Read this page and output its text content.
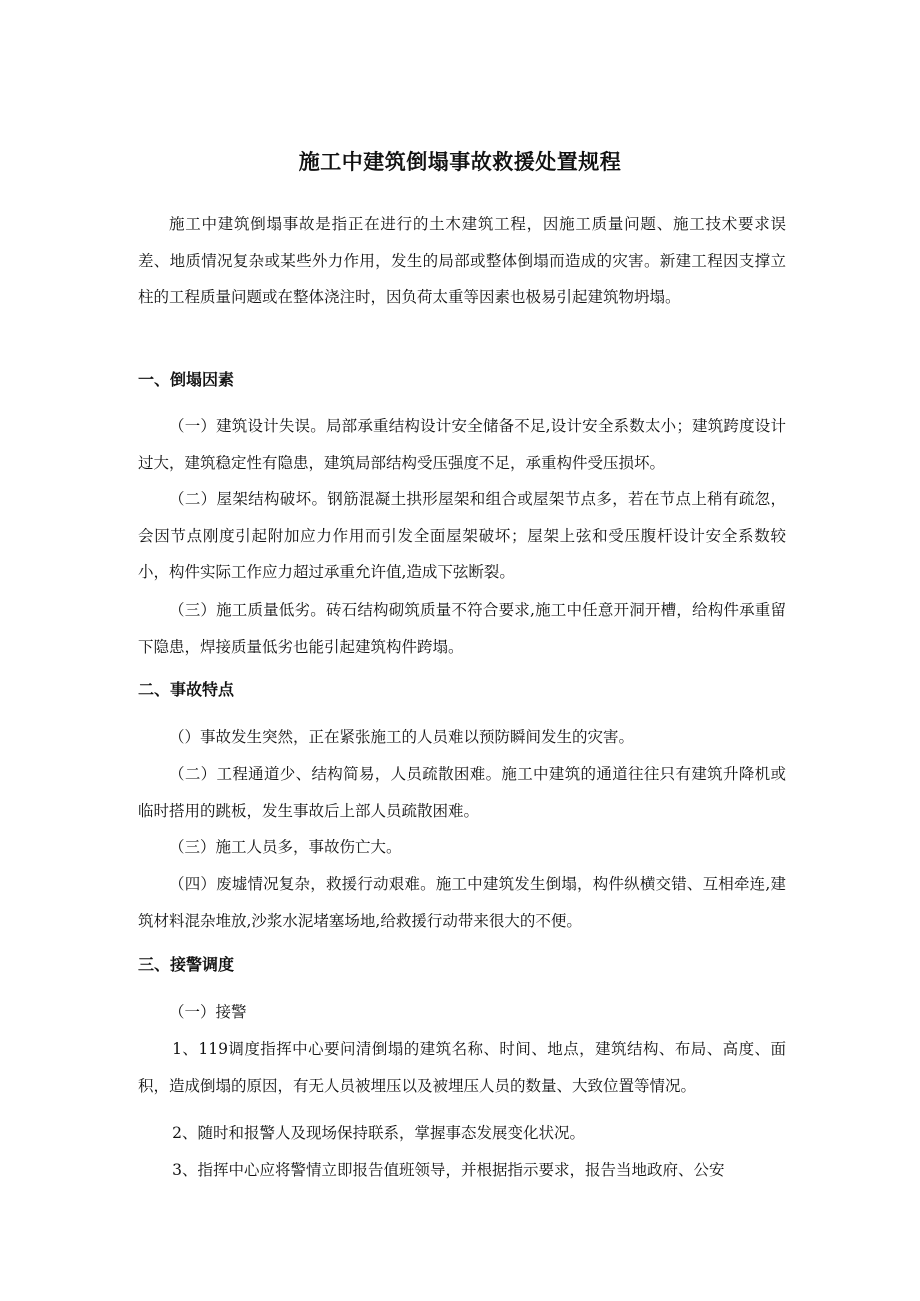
施工中建筑倒塌事故救援处置规程

施工中建筑倒塌事故是指正在进行的土木建筑工程，因施工质量问题、施工技术要求误差、地质情况复杂或某些外力作用，发生的局部或整体倒塌而造成的灾害。新建工程因支撑立柱的工程质量问题或在整体浇注时，因负荷太重等因素也极易引起建筑物坍塌。

一、倒塌因素

（一）建筑设计失误。局部承重结构设计安全储备不足,设计安全系数太小；建筑跨度设计过大，建筑稳定性有隐患，建筑局部结构受压强度不足，承重构件受压损坏。

（二）屋架结构破坏。钢筋混凝土拱形屋架和组合或屋架节点多，若在节点上稍有疏忽，会因节点刚度引起附加应力作用而引发全面屋架破坏；屋架上弦和受压腹杆设计安全系数较小，构件实际工作应力超过承重允许值,造成下弦断裂。

（三）施工质量低劣。砖石结构砌筑质量不符合要求,施工中任意开洞开槽，给构件承重留下隐患，焊接质量低劣也能引起建筑构件跨塌。

二、事故特点

（）事故发生突然，正在紧张施工的人员难以预防瞬间发生的灾害。

（二）工程通道少、结构简易，人员疏散困难。施工中建筑的通道往往只有建筑升降机或临时搭用的跳板，发生事故后上部人员疏散困难。

（三）施工人员多，事故伤亡大。

（四）废墟情况复杂，救援行动艰难。施工中建筑发生倒塌，构件纵横交错、互相牵连,建筑材料混杂堆放,沙浆水泥堵塞场地,给救援行动带来很大的不便。

三、接警调度

（一）接警

1、119调度指挥中心要问清倒塌的建筑名称、时间、地点，建筑结构、布局、高度、面积，造成倒塌的原因，有无人员被埋压以及被埋压人员的数量、大致位置等情况。

2、随时和报警人及现场保持联系，掌握事态发展变化状况。

3、指挥中心应将警情立即报告值班领导，并根据指示要求，报告当地政府、公安
